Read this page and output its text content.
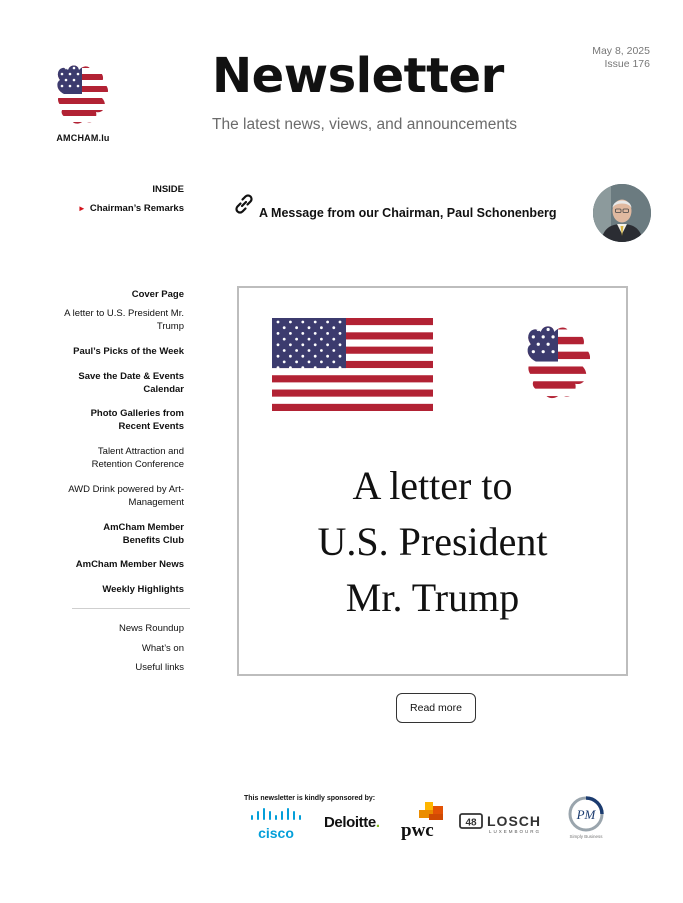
AMCHAM.lu
Newsletter
The latest news, views, and announcements
May 8, 2025
Issue 176
INSIDE
► Chairman’s Remarks	A Message from our Chairman, Paul Schonenberg
Cover Page
A letter to U.S. President Mr. Trump
Paul’s Picks of the Week
Save the Date & Events Calendar
Photo Galleries from Recent Events
Talent Attraction and Retention Conference
AWD Drink powered by Art-Management
AmCham Member Benefits Club
AmCham Member News
Weekly Highlights
News Roundup
What’s on
Useful links
A letter to
U.S. President
Mr. Trump
Read more
This newsletter is kindly sponsored by:
cisco
Deloitte. pwc	48 LOSCH
LUXEMBOURG
PM
Simply Business
